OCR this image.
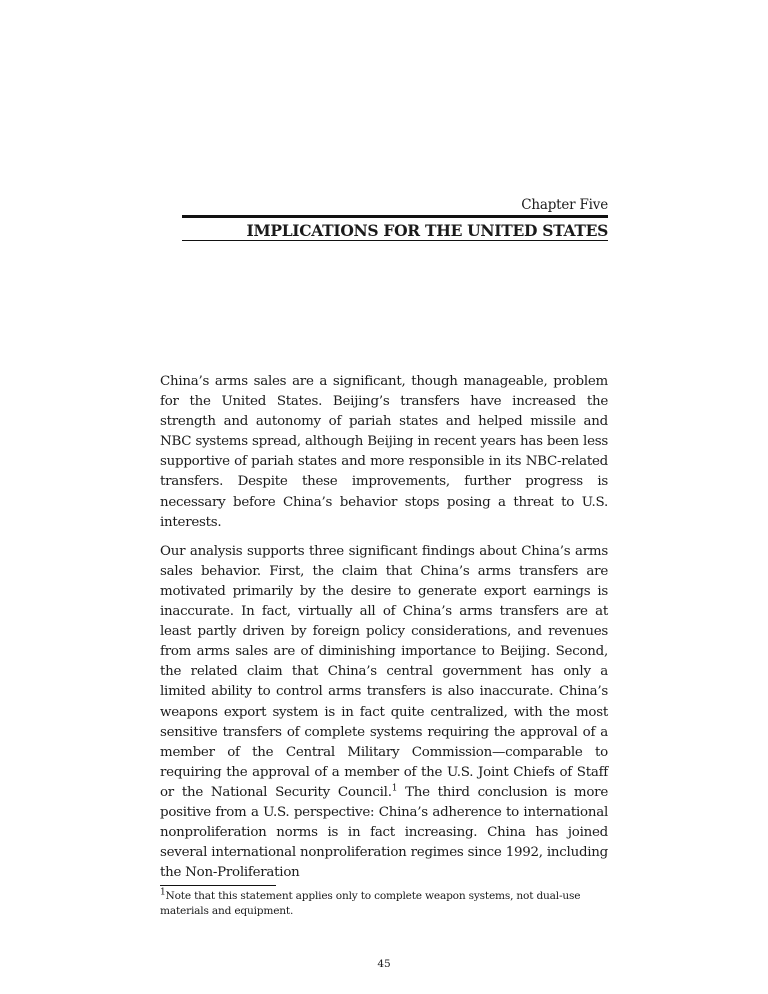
Chapter Five
IMPLICATIONS FOR THE UNITED STATES

China’s arms sales are a significant, though manageable, problem for the United States. Beijing’s transfers have increased the strength and autonomy of pariah states and helped missile and NBC systems spread, although Beijing in recent years has been less supportive of pariah states and more responsible in its NBC-related transfers. Despite these improvements, further progress is necessary before China’s behavior stops posing a threat to U.S. interests.

Our analysis supports three significant findings about China’s arms sales behavior. First, the claim that China’s arms transfers are motivated primarily by the desire to generate export earnings is inaccurate. In fact, virtually all of China’s arms transfers are at least partly driven by foreign policy considerations, and revenues from arms sales are of diminishing importance to Beijing. Second, the related claim that China’s central government has only a limited ability to control arms transfers is also inaccurate. China’s weapons export system is in fact quite centralized, with the most sensitive transfers of complete systems requiring the approval of a member of the Central Military Commission—comparable to requiring the approval of a member of the U.S. Joint Chiefs of Staff or the National Security Council.$^1$ The third conclusion is more positive from a U.S. perspective: China’s adherence to international nonproliferation norms is in fact increasing. China has joined several international nonproliferation regimes since 1992, including the Non-Proliferation

$^1$Note that this statement applies only to complete weapon systems, not dual-use materials and equipment.
45
